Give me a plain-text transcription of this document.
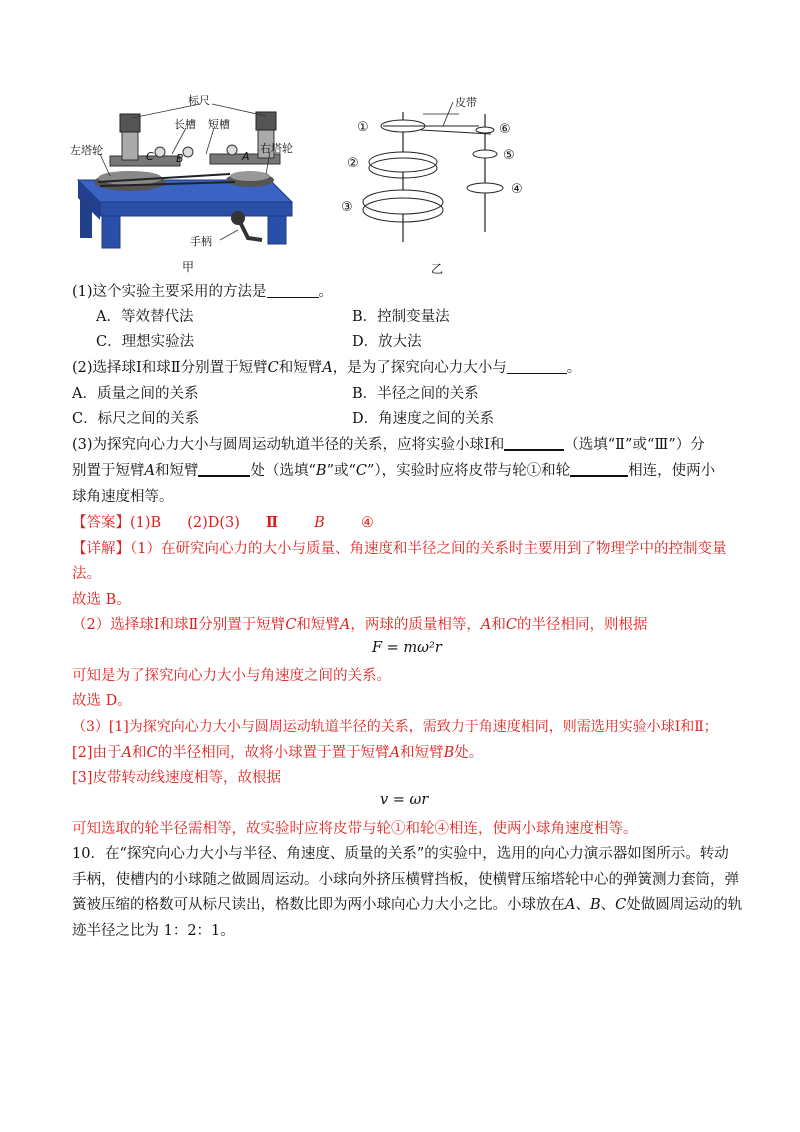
标尺
长槽 短槽
左塔轮	右塔轮
C B	A
手柄
甲
皮带
①
②
③
⑥
⑤
④
乙
(1)这个实验主要采用的方法是	。
A．等效替代法	B．控制变量法
C．理想实验法	D．放大法
(2)选择球Ⅰ和球Ⅱ分别置于短臂C和短臂A，是为了探究向心力大小与	。
A．质量之间的关系	B．半径之间的关系
C．标尺之间的关系	D．角速度之间的关系
(3)为探究向心力大小与圆周运动轨道半径的关系，应将实验小球Ⅰ和	（选填“Ⅱ”或“Ⅲ”）分
别置于短臂A和短臂	处（选填“B”或“C”），实验时应将皮带与轮①和轮	相连，使两小
球角速度相等。
【答案】(1)B (2)D(3) Ⅱ B ④
【详解】（1）在研究向心力的大小与质量、角速度和半径之间的关系时主要用到了物理学中的控制变量
法。
故选 B。
（2）选择球Ⅰ和球Ⅱ分别置于短臂C和短臂A，两球的质量相等，A和C的半径相同，则根据
F = mω²r
可知是为了探究向心力大小与角速度之间的关系。
故选 D。
（3）[1]为探究向心力大小与圆周运动轨道半径的关系，需致力于角速度相同，则需选用实验小球Ⅰ和Ⅱ；
[2]由于A和C的半径相同，故将小球置于置于短臂A和短臂B处。
[3]皮带转动线速度相等，故根据
v = ωr
可知选取的轮半径需相等，故实验时应将皮带与轮①和轮④相连，使两小球角速度相等。
10．在“探究向心力大小与半径、角速度、质量的关系”的实验中，选用的向心力演示器如图所示。转动
手柄，使槽内的小球随之做圆周运动。小球向外挤压横臂挡板，使横臂压缩塔轮中心的弹簧测力套筒，弹
簧被压缩的格数可从标尺读出，格数比即为两小球向心力大小之比。小球放在A、B、C处做圆周运动的轨
迹半径之比为 1：2：1。
